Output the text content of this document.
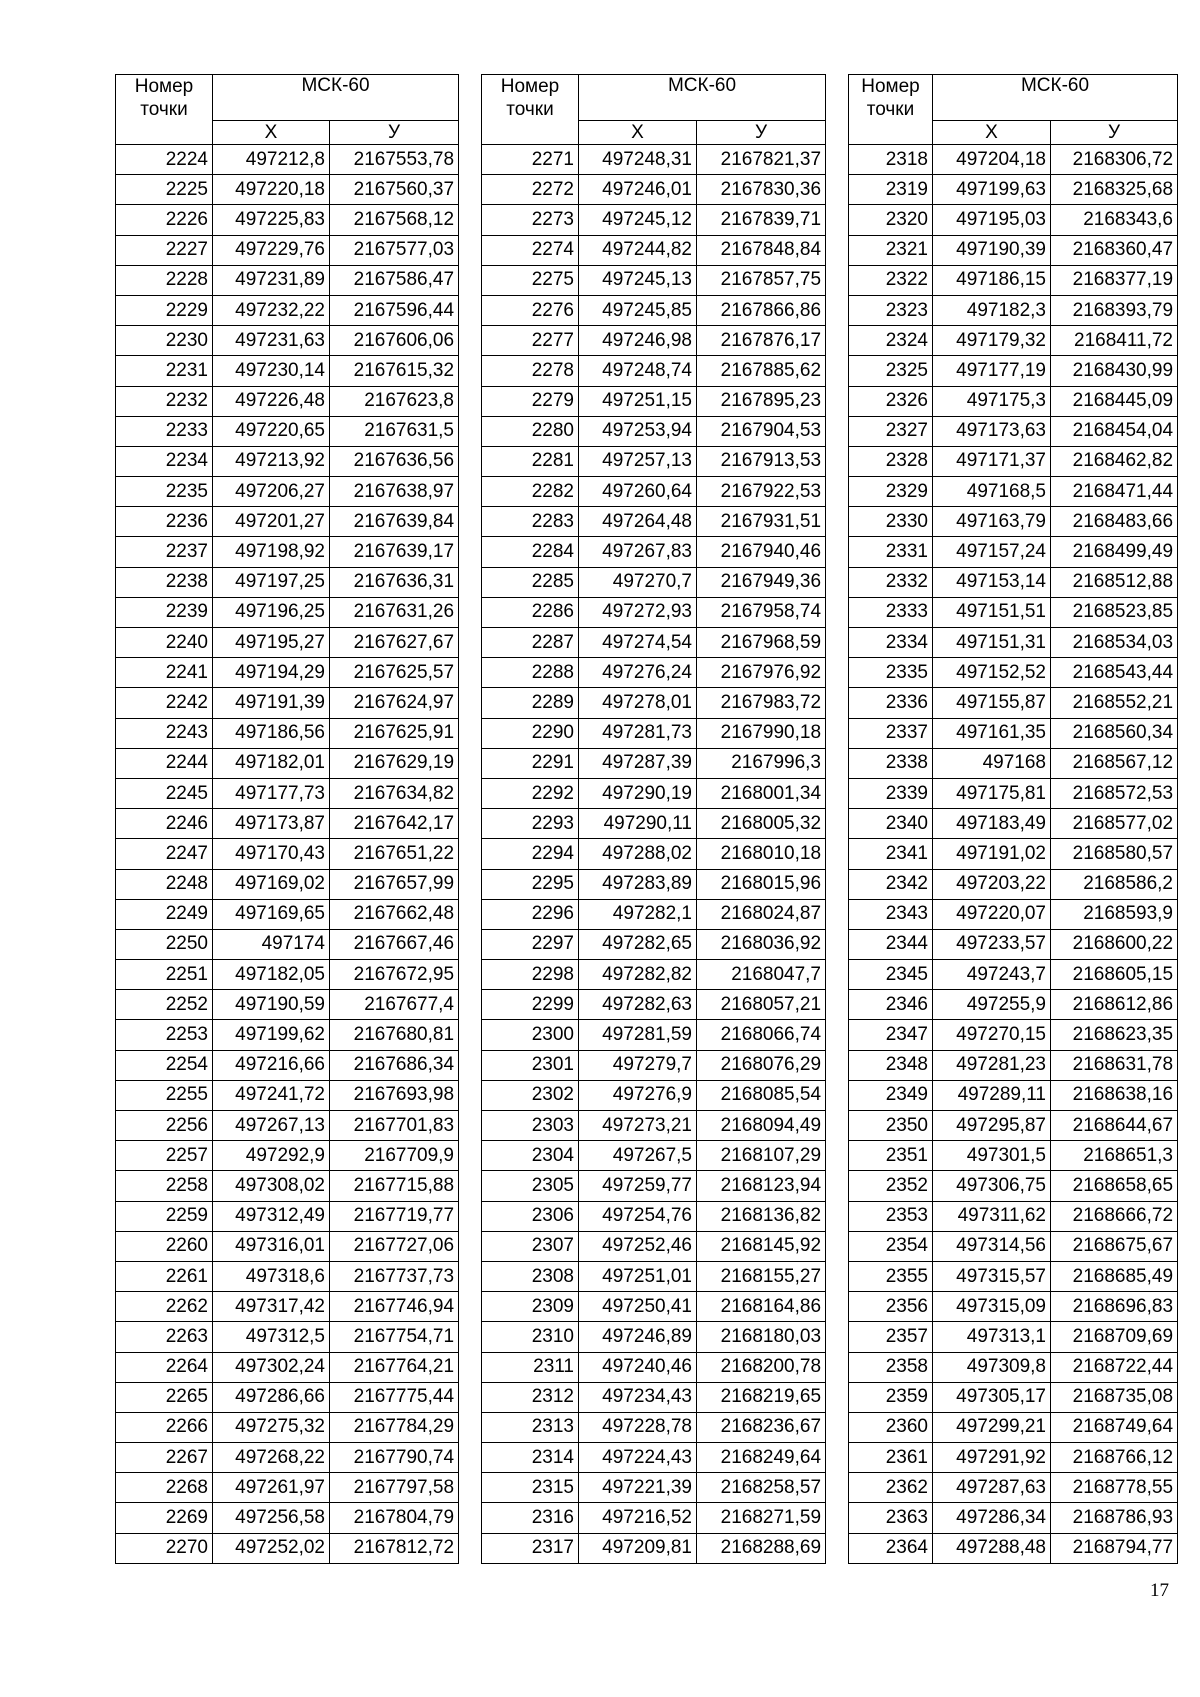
Номер точки	МСК-60	
	Х	У
2224	497212,8	2167553,78
2225	497220,18	2167560,37
2226	497225,83	2167568,12
2227	497229,76	2167577,03
2228	497231,89	2167586,47
2229	497232,22	2167596,44
2230	497231,63	2167606,06
2231	497230,14	2167615,32
2232	497226,48	2167623,8
2233	497220,65	2167631,5
2234	497213,92	2167636,56
2235	497206,27	2167638,97
2236	497201,27	2167639,84
2237	497198,92	2167639,17
2238	497197,25	2167636,31
2239	497196,25	2167631,26
2240	497195,27	2167627,67
2241	497194,29	2167625,57
2242	497191,39	2167624,97
2243	497186,56	2167625,91
2244	497182,01	2167629,19
2245	497177,73	2167634,82
2246	497173,87	2167642,17
2247	497170,43	2167651,22
2248	497169,02	2167657,99
2249	497169,65	2167662,48
2250	497174	2167667,46
2251	497182,05	2167672,95
2252	497190,59	2167677,4
2253	497199,62	2167680,81
2254	497216,66	2167686,34
2255	497241,72	2167693,98
2256	497267,13	2167701,83
2257	497292,9	2167709,9
2258	497308,02	2167715,88
2259	497312,49	2167719,77
2260	497316,01	2167727,06
2261	497318,6	2167737,73
2262	497317,42	2167746,94
2263	497312,5	2167754,71
2264	497302,24	2167764,21
2265	497286,66	2167775,44
2266	497275,32	2167784,29
2267	497268,22	2167790,74
2268	497261,97	2167797,58
2269	497256,58	2167804,79
2270	497252,02	2167812,72
Номер точки	МСК-60	
	Х	У
2271	497248,31	2167821,37
2272	497246,01	2167830,36
2273	497245,12	2167839,71
2274	497244,82	2167848,84
2275	497245,13	2167857,75
2276	497245,85	2167866,86
2277	497246,98	2167876,17
2278	497248,74	2167885,62
2279	497251,15	2167895,23
2280	497253,94	2167904,53
2281	497257,13	2167913,53
2282	497260,64	2167922,53
2283	497264,48	2167931,51
2284	497267,83	2167940,46
2285	497270,7	2167949,36
2286	497272,93	2167958,74
2287	497274,54	2167968,59
2288	497276,24	2167976,92
2289	497278,01	2167983,72
2290	497281,73	2167990,18
2291	497287,39	2167996,3
2292	497290,19	2168001,34
2293	497290,11	2168005,32
2294	497288,02	2168010,18
2295	497283,89	2168015,96
2296	497282,1	2168024,87
2297	497282,65	2168036,92
2298	497282,82	2168047,7
2299	497282,63	2168057,21
2300	497281,59	2168066,74
2301	497279,7	2168076,29
2302	497276,9	2168085,54
2303	497273,21	2168094,49
2304	497267,5	2168107,29
2305	497259,77	2168123,94
2306	497254,76	2168136,82
2307	497252,46	2168145,92
2308	497251,01	2168155,27
2309	497250,41	2168164,86
2310	497246,89	2168180,03
2311	497240,46	2168200,78
2312	497234,43	2168219,65
2313	497228,78	2168236,67
2314	497224,43	2168249,64
2315	497221,39	2168258,57
2316	497216,52	2168271,59
2317	497209,81	2168288,69
Номер точки	МСК-60	
	Х	У
2318	497204,18	2168306,72
2319	497199,63	2168325,68
2320	497195,03	2168343,6
2321	497190,39	2168360,47
2322	497186,15	2168377,19
2323	497182,3	2168393,79
2324	497179,32	2168411,72
2325	497177,19	2168430,99
2326	497175,3	2168445,09
2327	497173,63	2168454,04
2328	497171,37	2168462,82
2329	497168,5	2168471,44
2330	497163,79	2168483,66
2331	497157,24	2168499,49
2332	497153,14	2168512,88
2333	497151,51	2168523,85
2334	497151,31	2168534,03
2335	497152,52	2168543,44
2336	497155,87	2168552,21
2337	497161,35	2168560,34
2338	497168	2168567,12
2339	497175,81	2168572,53
2340	497183,49	2168577,02
2341	497191,02	2168580,57
2342	497203,22	2168586,2
2343	497220,07	2168593,9
2344	497233,57	2168600,22
2345	497243,7	2168605,15
2346	497255,9	2168612,86
2347	497270,15	2168623,35
2348	497281,23	2168631,78
2349	497289,11	2168638,16
2350	497295,87	2168644,67
2351	497301,5	2168651,3
2352	497306,75	2168658,65
2353	497311,62	2168666,72
2354	497314,56	2168675,67
2355	497315,57	2168685,49
2356	497315,09	2168696,83
2357	497313,1	2168709,69
2358	497309,8	2168722,44
2359	497305,17	2168735,08
2360	497299,21	2168749,64
2361	497291,92	2168766,12
2362	497287,63	2168778,55
2363	497286,34	2168786,93
2364	497288,48	2168794,77
17
